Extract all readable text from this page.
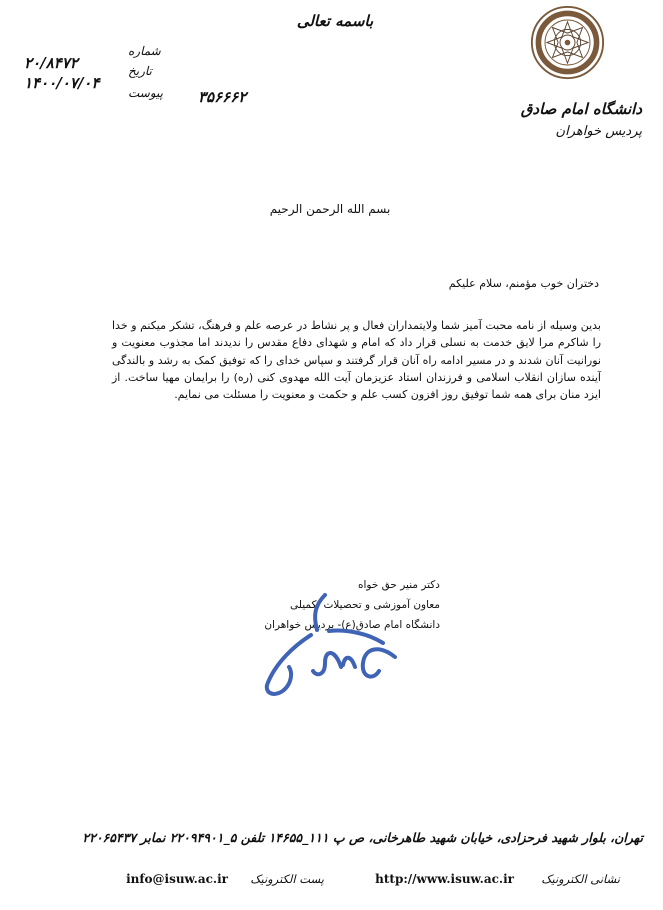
دانشگاه امام صادق
پردیس خواهران
باسمه تعالی
شماره
۲۰/۸۴۷۲	تاریخ
۱۴۰۰/۰۷/۰۴
پیوست	۳۵۶۶۶۲
بسم الله الرحمن الرحیم
دختران خوب مؤمنم، سلام علیکم

بدین وسیله از نامه محبت آمیز شما ولایتمداران فعال و پر نشاط در عرصه علم و فرهنگ، تشکر میکنم و خدا را شاکرم مرا لایق خدمت به نسلی قرار داد که امام و شهدای دفاع مقدس را ندیدند اما مجذوب معنویت و نورانیت آنان شدند و در مسیر ادامه راه آنان قرار گرفتند و سپاس خدای را که توفیق کمک به رشد و بالندگی آینده سازان انقلاب اسلامی و فرزندان استاد عزیزمان آیت الله مهدوی کنی (ره) را برایمان مهیا ساخت. از ایزد منان برای همه شما توفیق روز افزون کسب علم و حکمت و معنویت را مسئلت می نمایم.

دکتر منیر حق خواه
معاون آموزشی و تحصیلات تکمیلی
دانشگاه امام صادق(ع)- پردیس خواهران
تهران، بلوار شهید فرحزادی، خیابان شهید طاهرخانی، ص پ ۱۱۱_۱۴۶۵۵ تلفن ۵_۲۲۰۹۴۹۰۱ نمابر ۲۲۰۶۵۴۳۷
نشانی الکترونیک
http://www.isuw.ac.ir
پست الکترونیک
info@isuw.ac.ir
